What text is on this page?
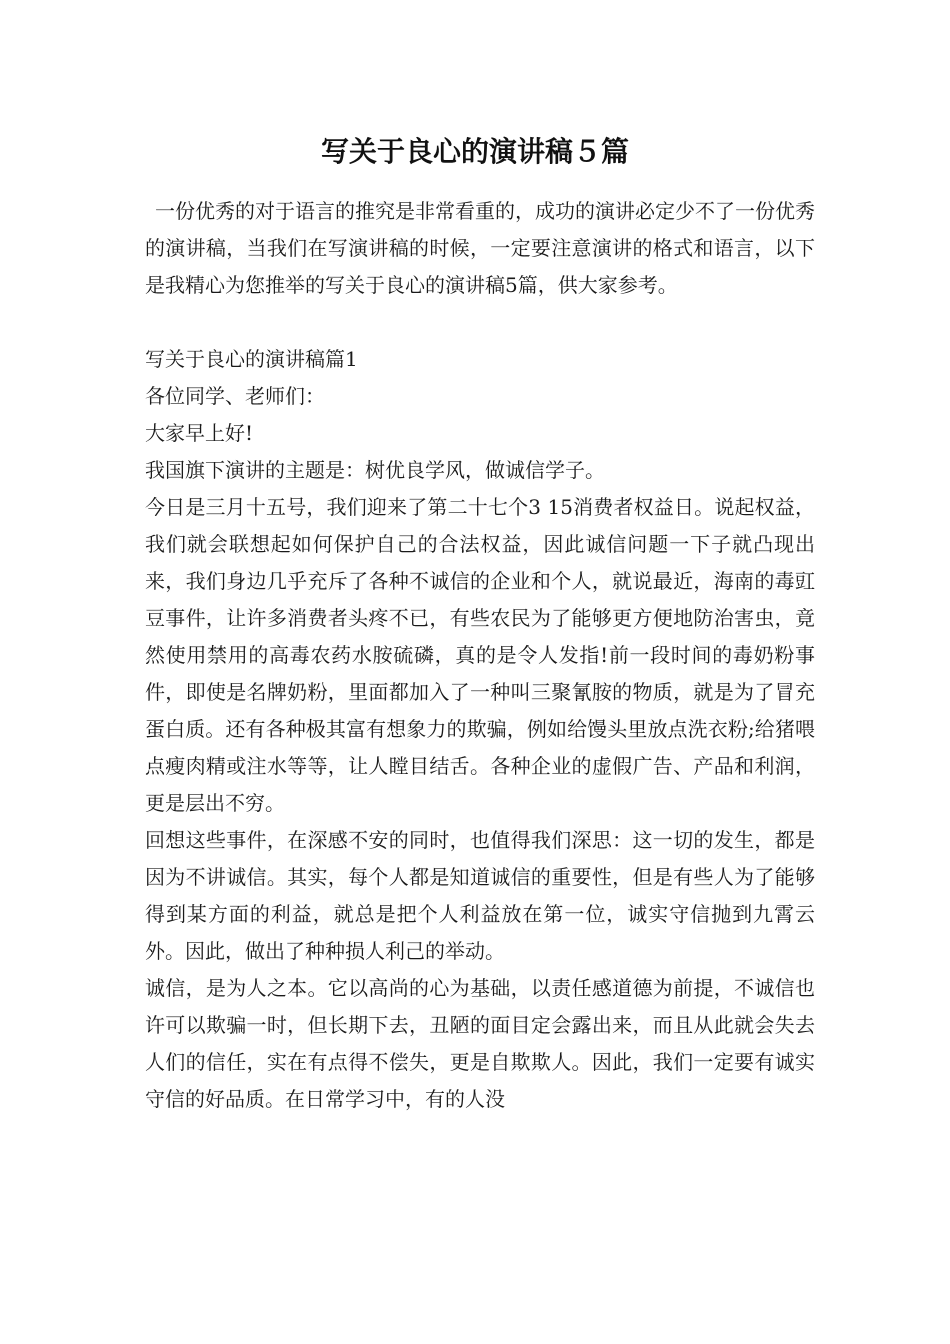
写关于良心的演讲稿５篇

一份优秀的对于语言的推究是非常看重的，成功的演讲必定少不了一份优秀的演讲稿，当我们在写演讲稿的时候，一定要注意演讲的格式和语言，以下是我精心为您推举的写关于良心的演讲稿5篇，供大家参考。

写关于良心的演讲稿篇1

各位同学、老师们：

大家早上好!

我国旗下演讲的主题是：树优良学风，做诚信学子。

今日是三月十五号，我们迎来了第二十七个3 15消费者权益日。说起权益，我们就会联想起如何保护自己的合法权益，因此诚信问题一下子就凸现出来，我们身边几乎充斥了各种不诚信的企业和个人，就说最近，海南的毒豇豆事件，让许多消费者头疼不已，有些农民为了能够更方便地防治害虫，竟然使用禁用的高毒农药水胺硫磷，真的是令人发指!前一段时间的毒奶粉事件，即使是名牌奶粉，里面都加入了一种叫三聚氰胺的物质，就是为了冒充蛋白质。还有各种极其富有想象力的欺骗，例如给馒头里放点洗衣粉;给猪喂点瘦肉精或注水等等，让人瞠目结舌。各种企业的虚假广告、产品和利润，更是层出不穷。

回想这些事件，在深感不安的同时，也值得我们深思：这一切的发生，都是因为不讲诚信。其实，每个人都是知道诚信的重要性，但是有些人为了能够得到某方面的利益，就总是把个人利益放在第一位，诚实守信抛到九霄云外。因此，做出了种种损人利己的举动。

诚信，是为人之本。它以高尚的心为基础，以责任感道德为前提，不诚信也许可以欺骗一时，但长期下去，丑陋的面目定会露出来，而且从此就会失去人们的信任，实在有点得不偿失，更是自欺欺人。因此，我们一定要有诚实守信的好品质。在日常学习中，有的人没
